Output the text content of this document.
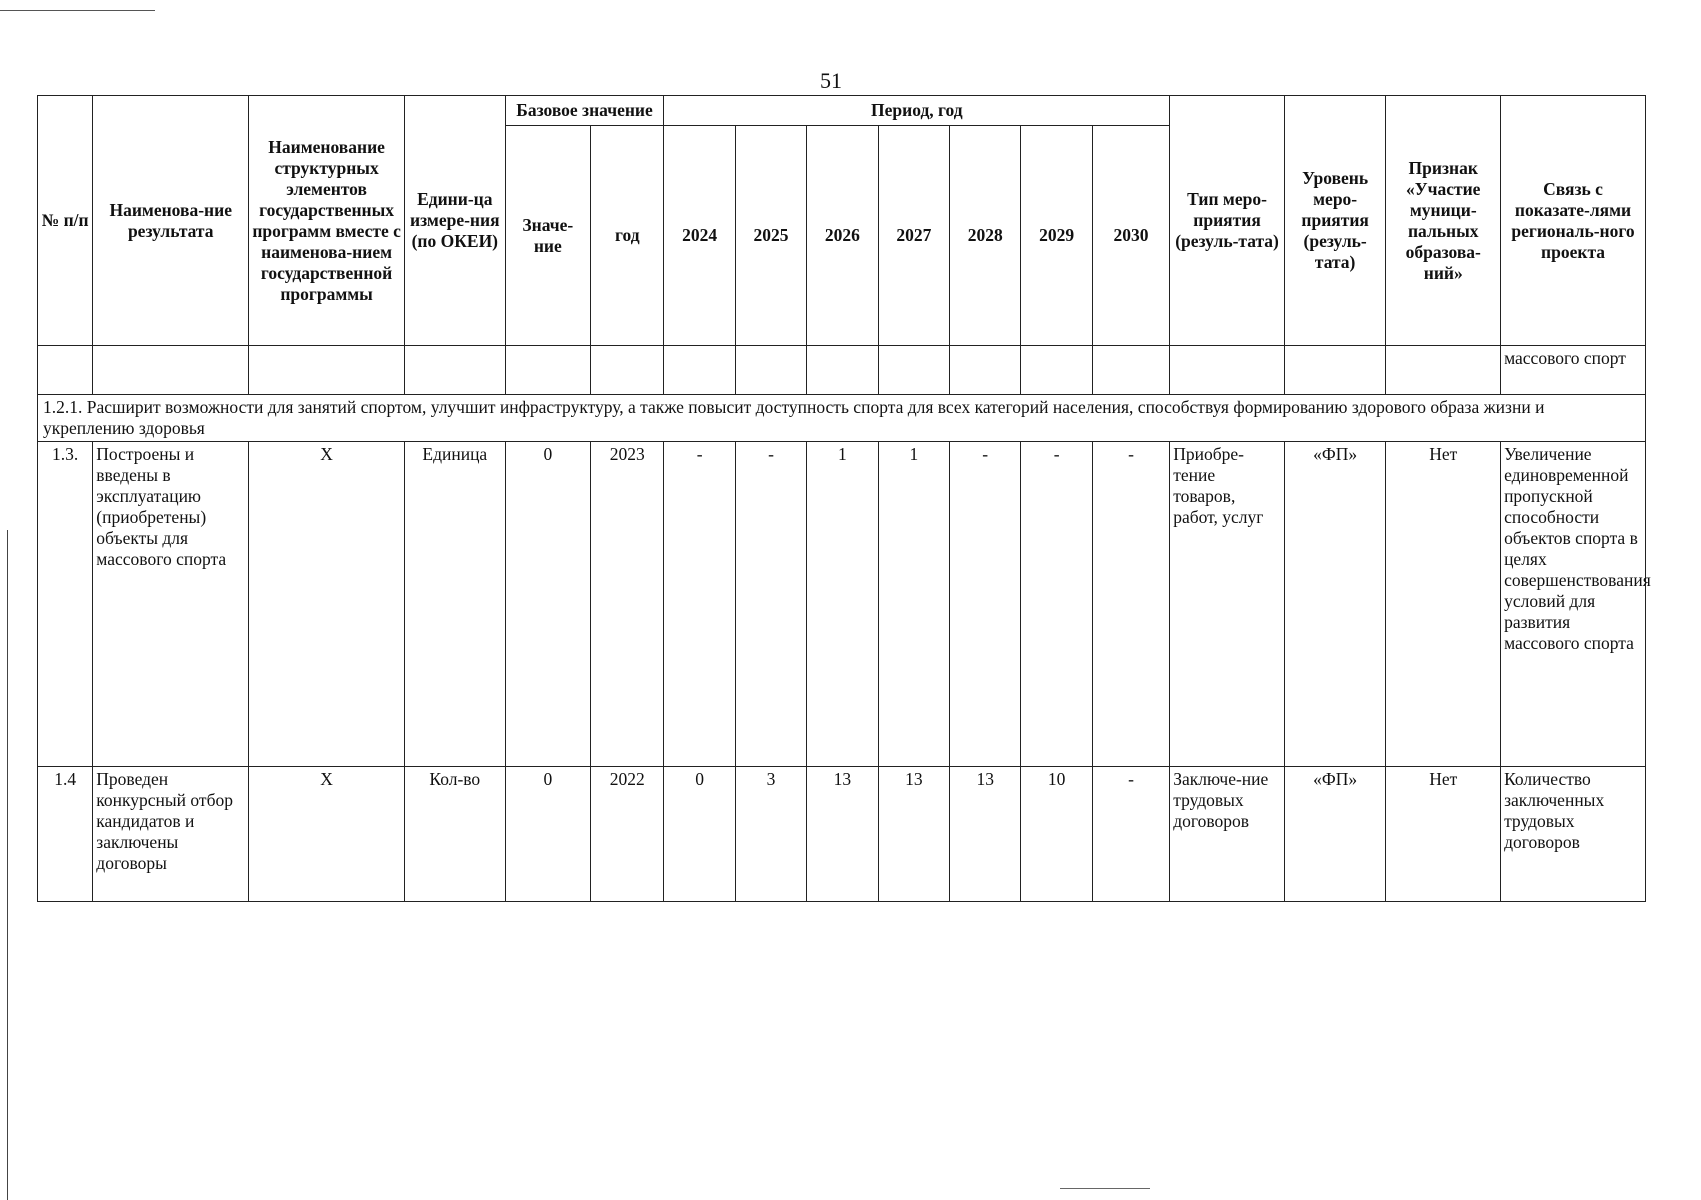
51
№ п/п	Наименова-ние результата	Наименование структурных элементов государственных программ вместе с наименова-нием государственной программы	Едини-ца измере-ния (по ОКЕИ)	Базовое значение		Период, год							Тип меро-приятия (резуль-тата)	Уровень меро-приятия (резуль-тата)	Признак «Участие муници-пальных образова-ний»	Связь с показате-лями региональ-ного проекта
						2024	2025	2026	2027	2028	2029	2030				
				Значе-ние	год											
																массового спорт
1.2.1. Расширит возможности для занятий спортом, улучшит инфраструктуру, а также повысит доступность спорта для всех категорий населения, способствуя формированию здорового образа жизни и укреплению здоровья																
1.3.	Построены и введены в эксплуатацию (приобретены) объекты для массового спорта	Х	Единица	0	2023	-	-	1	1	-	-	-	Приобре-тение товаров, работ, услуг	«ФП»	Нет	Увеличение единовременной пропускной способности объектов спорта в целях совершенствования условий для развития массового спорта
1.4	Проведен конкурсный отбор кандидатов и заключены договоры	Х	Кол-во	0	2022	0	3	13	13	13	10	-	Заключе-ние трудовых договоров	«ФП»	Нет	Количество заключенных трудовых договоров
